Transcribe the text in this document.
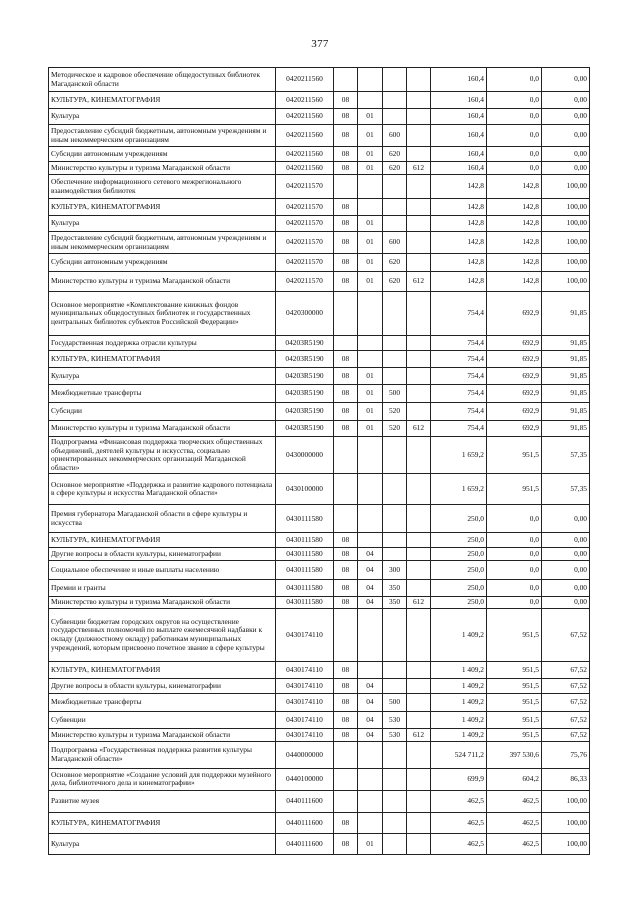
377
Методическое и кадровое обеспечение общедоступных библиотек Магаданской области	0420211560					160,4	0,0	0,00
КУЛЬТУРА, КИНЕМАТОГРАФИЯ	0420211560	08				160,4	0,0	0,00
Культура	0420211560	08	01			160,4	0,0	0,00
Предоставление субсидий бюджетным, автономным учреждениям и иным некоммерческим организациям	0420211560	08	01	600		160,4	0,0	0,00
Субсидии автономным учреждениям	0420211560	08	01	620		160,4	0,0	0,00
Министерство культуры и туризма Магаданской области	0420211560	08	01	620	612	160,4	0,0	0,00
Обеспечение информационного сетевого межрегионального взаимодействия библиотек	0420211570					142,8	142,8	100,00
КУЛЬТУРА, КИНЕМАТОГРАФИЯ	0420211570	08				142,8	142,8	100,00
Культура	0420211570	08	01			142,8	142,8	100,00
Предоставление субсидий бюджетным, автономным учреждениям и иным некоммерческим организациям	0420211570	08	01	600		142,8	142,8	100,00
Субсидии автономным учреждениям	0420211570	08	01	620		142,8	142,8	100,00
Министерство культуры и туризма Магаданской области	0420211570	08	01	620	612	142,8	142,8	100,00
Основное мероприятие «Комплектование книжных фондов муниципальных общедоступных библиотек и государственных центральных библиотек субъектов Российской Федерации»	0420300000					754,4	692,9	91,85
Государственная поддержка отрасли культуры	04203R5190					754,4	692,9	91,85
КУЛЬТУРА, КИНЕМАТОГРАФИЯ	04203R5190	08				754,4	692,9	91,85
Культура	04203R5190	08	01			754,4	692,9	91,85
Межбюджетные трансферты	04203R5190	08	01	500		754,4	692,9	91,85
Субсидии	04203R5190	08	01	520		754,4	692,9	91,85
Министерство культуры и туризма Магаданской области	04203R5190	08	01	520	612	754,4	692,9	91,85
Подпрограмма «Финансовая поддержка творческих общественных объединений, деятелей культуры и искусства, социально ориентированных некоммерческих организаций Магаданской области»	0430000000					1 659,2	951,5	57,35
Основное мероприятие «Поддержка и развитие кадрового потенциала в сфере культуры и искусства Магаданской области»	0430100000					1 659,2	951,5	57,35
Премия губернатора Магаданской области в сфере культуры и искусства	0430111580					250,0	0,0	0,00
КУЛЬТУРА, КИНЕМАТОГРАФИЯ	0430111580	08				250,0	0,0	0,00
Другие вопросы в области культуры, кинематографии	0430111580	08	04			250,0	0,0	0,00
Социальное обеспечение и иные выплаты населению	0430111580	08	04	300		250,0	0,0	0,00
Премии и гранты	0430111580	08	04	350		250,0	0,0	0,00
Министерство культуры и туризма Магаданской области	0430111580	08	04	350	612	250,0	0,0	0,00
Субвенции бюджетам городских округов на осуществление государственных полномочий по выплате ежемесячной надбавки к окладу (должностному окладу) работникам муниципальных учреждений, которым присвоено почетное звание в сфере культуры	0430174110					1 409,2	951,5	67,52
КУЛЬТУРА, КИНЕМАТОГРАФИЯ	0430174110	08				1 409,2	951,5	67,52
Другие вопросы в области культуры, кинематографии	0430174110	08	04			1 409,2	951,5	67,52
Межбюджетные трансферты	0430174110	08	04	500		1 409,2	951,5	67,52
Субвенции	0430174110	08	04	530		1 409,2	951,5	67,52
Министерство культуры и туризма Магаданской области	0430174110	08	04	530	612	1 409,2	951,5	67,52
Подпрограмма «Государственная поддержка развития культуры Магаданской области»	0440000000					524 711,2	397 530,6	75,76
Основное мероприятие «Создание условий для поддержки музейного дела, библиотечного дела и кинематографии»	0440100000					699,9	604,2	86,33
Развитие музея	0440111600					462,5	462,5	100,00
КУЛЬТУРА, КИНЕМАТОГРАФИЯ	0440111600	08				462,5	462,5	100,00
Культура	0440111600	08	01			462,5	462,5	100,00
